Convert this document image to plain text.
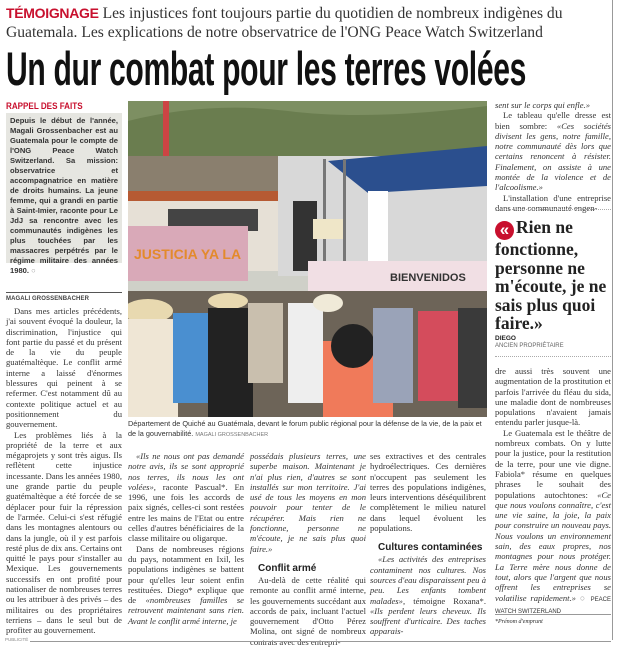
TÉMOIGNAGE Les injustices font toujours partie du quotidien de nombreux indigènes du Guatemala. Les explications de notre observatrice de l'ONG Peace Watch Switzerland
Un dur combat pour les terres volées
RAPPEL DES FAITS
Depuis le début de l'année, Magali Grossenbacher est au Guatemala pour le compte de l'ONG Peace Watch Switzerland. Sa mission: observatrice et accompagnatrice en matière de droits humains. La jeune femme, qui a grandi en partie à Saint-Imier, raconte pour Le JdJ sa rencontre avec les communautés indigènes les plus touchées par les massacres perpétrés par le régime militaire des années 1980. ○
MAGALI GROSSENBACHER

Dans mes articles précédents, j'ai souvent évoqué la douleur, la discrimination, l'injustice qui font partie du passé et du présent de la vie du peuple guatémaltèque. Le conflit armé interne a laissé d'énormes blessures qui peinent à se refermer. C'est notamment dû au contexte politique actuel et au positionnement du gouvernement.

Les problèmes liés à la propriété de la terre et aux mégaprojets y sont très aigus. Ils reflètent cette injustice incessante. Dans les années 1980, une grande partie du peuple guatémaltèque a été forcée de se déplacer pour fuir la répression de l'armée. Celui-ci s'est réfugié dans les montagnes alentours ou dans la jungle, où il y est parfois resté plus de dix ans. Certains ont quitté le pays pour s'installer au Mexique. Les gouvernements successifs en ont profité pour nationaliser de nombreuses terres ou les attribuer à des privés – des militaires ou des propriétaires terriens – dans le seul but de profiter au gouvernement.

JUSTICIA YA LA
BIENVENIDOS
Département de Quiché au Guatémala, devant le forum public régional pour la défense de la vie, de la paix et de la gouvernabilité. MAGALI GROSSENBACHER

«Ils ne nous ont pas demandé notre avis, ils se sont approprié nos terres, ils nous les ont volées», raconte Pascual*. En 1996, une fois les accords de paix signés, celles-ci sont restées entre les mains de l'Etat ou entre celles d'autres bénéficiaires de la classe militaire ou oligarque.

Dans de nombreuses régions du pays, notamment en Ixil, les populations indigènes se battent pour qu'elles leur soient enfin restituées. Diego* explique que de «nombreuses familles se retrouvent maintenant sans rien. Avant le conflit armé interne, je

possédais plusieurs terres, une superbe maison. Maintenant je n'ai plus rien, d'autres se sont installés sur mon territoire. J'ai usé de tous les moyens en mon pouvoir pour tenter de le récupérer. Mais rien ne fonctionne, personne ne m'écoute, je ne sais plus quoi faire.»

Conflit armé

Au-delà de cette réalité qui remonte au conflit armé interne, les gouvernements succédant aux accords de paix, incluant l'actuel gouvernement d'Otto Pérez Molina, ont signé de nombreux contrats avec des entrepri-

ses extractives et des centrales hydroélectriques. Ces dernières n'occupent pas seulement les terres des populations indigènes, leurs interventions déséquilibrent complètement le milieu naturel dans lequel évoluent les populations.

Cultures contaminées

«Les activités des entreprises contaminent nos cultures. Nos sources d'eau disparaissent peu à peu. Les enfants tombent malades», témoigne Roxana*. «Ils perdent leurs cheveux. Ils souffrent d'urticaire. Des taches apparais-

sent sur le corps qui enfle.»

Le tableau qu'elle dresse est bien sombre: «Ces sociétés divisent les gens, notre famille, notre communauté dès lors que certains renoncent à résister. Finalement, on assiste à une montée de la violence et de l'alcoolisme.»

L'installation d'une entreprise dans une communauté engen-

« Rien ne fonctionne, personne ne m'écoute, je ne sais plus quoi faire.»
DIEGO
ANCIEN PROPRIÉTAIRE

dre aussi très souvent une augmentation de la prostitution et parfois l'arrivée du fléau du sida, une maladie dont de nombreuses populations n'avaient jamais entendu parler jusque-là.

Le Guatemala est le théâtre de nombreux combats. On y lutte pour la justice, pour la restitution de la terre, pour une vie digne. Fabiola* résume en quelques phrases le souhait des populations autochtones: «Ce que nous voulons connaître, c'est une vie saine, la joie, la paix pour construire un nouveau pays. Nous voulons un environnement sain, des eaux propres, nos montagnes pour nous protéger. La Terre mère nous donne de tout, alors que l'argent que nous offrent les entreprises se volatilise rapidement.» ○ PEACE WATCH SWITZERLAND

*Prénom d'emprunt
PUBLICITÉ
